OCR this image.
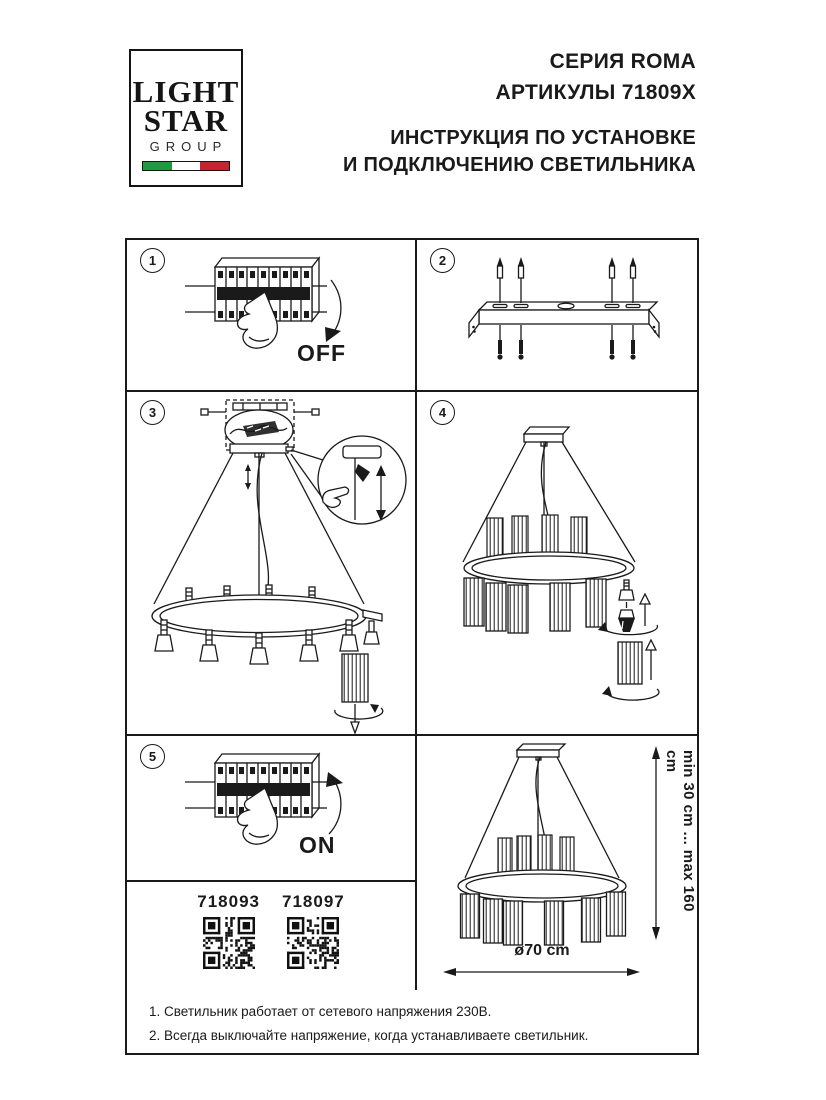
LIGHT
STAR
GROUP
СЕРИЯ ROMA
АРТИКУЛЫ 71809X
ИНСТРУКЦИЯ ПО УСТАНОВКЕ
И ПОДКЛЮЧЕНИЮ СВЕТИЛЬНИКА
1
OFF
2
3	4
5
ON
718093 718097	min 30 cm ... max 160 cm
ø70 cm
1. Светильник работает от сетевого напряжения 230В.
2. Всегда выключайте напряжение, когда устанавливаете светильник.
